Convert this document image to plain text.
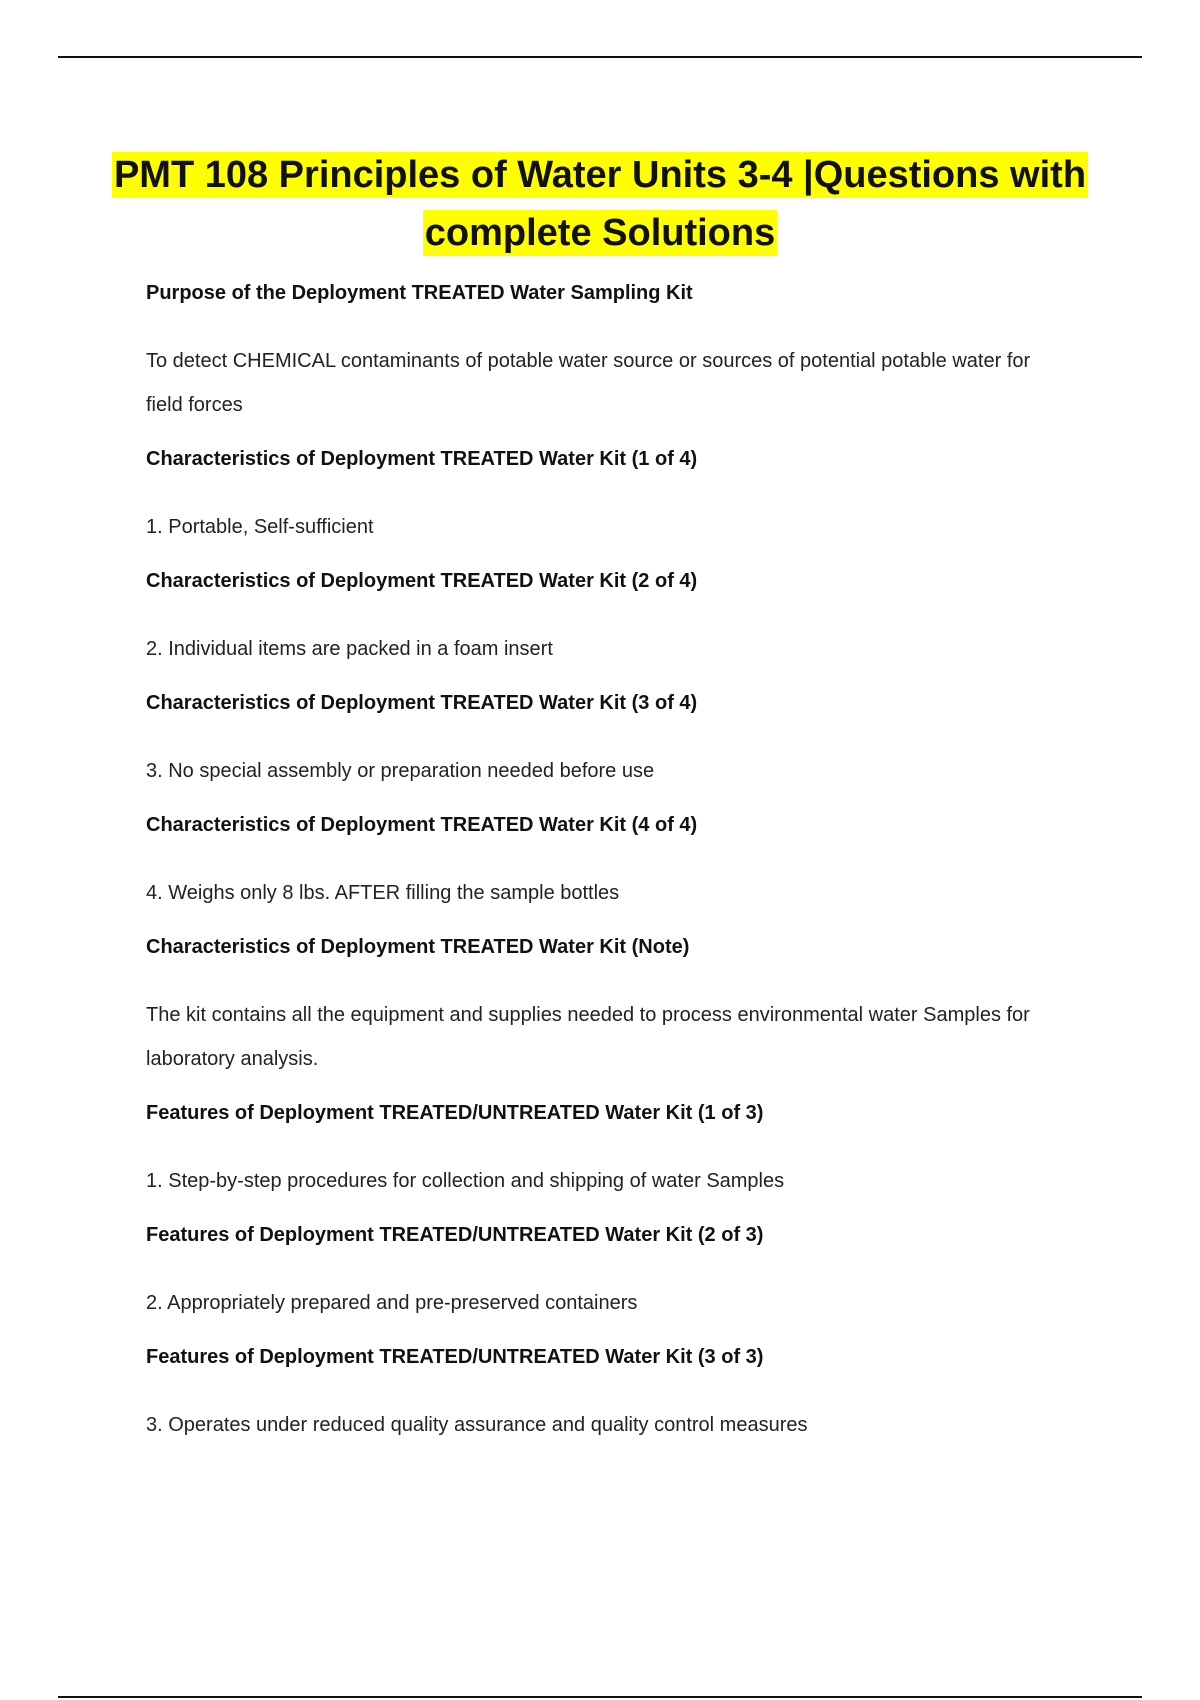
PMT 108 Principles of Water Units 3-4 |Questions with complete Solutions
Purpose of the Deployment TREATED Water Sampling Kit
To detect CHEMICAL contaminants of potable water source or sources of potential potable water for field forces
Characteristics of Deployment TREATED Water Kit (1 of 4)
1. Portable, Self-sufficient
Characteristics of Deployment TREATED Water Kit (2 of 4)
2. Individual items are packed in a foam insert
Characteristics of Deployment TREATED Water Kit (3 of 4)
3. No special assembly or preparation needed before use
Characteristics of Deployment TREATED Water Kit (4 of 4)
4. Weighs only 8 lbs. AFTER filling the sample bottles
Characteristics of Deployment TREATED Water Kit (Note)
The kit contains all the equipment and supplies needed to process environmental water Samples for laboratory analysis.
Features of Deployment TREATED/UNTREATED Water Kit (1 of 3)
1. Step-by-step procedures for collection and shipping of water Samples
Features of Deployment TREATED/UNTREATED Water Kit (2 of 3)
2. Appropriately prepared and pre-preserved containers
Features of Deployment TREATED/UNTREATED Water Kit (3 of 3)
3. Operates under reduced quality assurance and quality control measures
